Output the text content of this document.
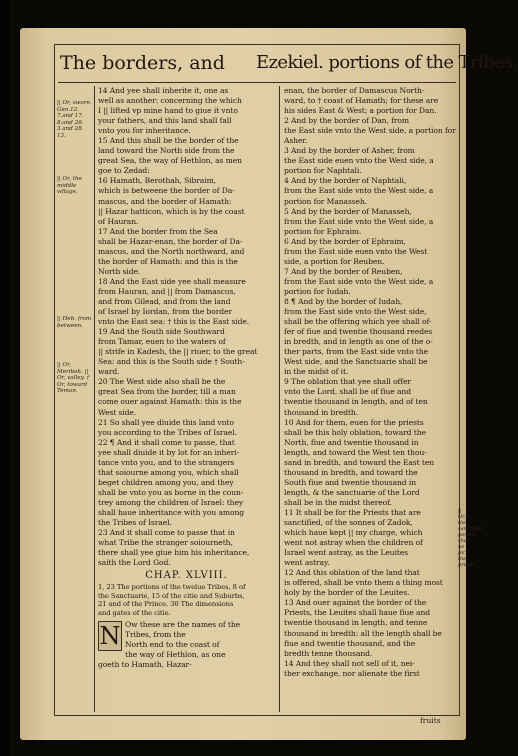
The borders, and Ezekiel. portions of the Tribes.
|| Or, swore. Gen.12. 7.and 17. 8.and 26. 3.and 28. 13.
|| Or, the middle village.
|| Heb. from between.
|| Or, Meribah. || Or, valley. † Or, toward Teman.
14 And yee shall inherite it, one as
well as another: concerning the which
I || lifted vp mine hand to giue it vnto
your fathers, and this land shall fall
vnto you for inheritance.
15 And this shall be the border of the
land toward the North side from the
great Sea, the way of Hethlon, as men
goe to Zedad:
16 Hamath, Berothah, Sibraim,
which is betweene the border of Da-
mascus, and the border of Hamath:
|| Hazar hatticon, which is by the coast
of Hauran.
17 And the border from the Sea
shall be Hazar-enan, the border of Da-
mascus, and the North northward, and
the border of Hamath: and this is the
North side.
18 And the East side yee shall measure
from Hauran, and || from Damascus,
and from Gilead, and from the land
of Israel by Iordan, from the border
vnto the East sea: † this is the East side.
19 And the South side Southward
from Tamar, euen to the waters of
|| strife in Kadesh, the || riuer, to the great
Sea: and this is the South side † South-
ward.
20 The West side also shall be the
great Sea from the border, till a man
come ouer against Hamath: this is the
West side.
21 So shall yee diuide this land vnto
you according to the Tribes of Israel.
22 ¶ And it shall come to passe, that
yee shall diuide it by lot for an inheri-
tance vnto you, and to the strangers
that soiourne among you, which shall
beget children among you, and they
shall be vnto you as borne in the coun-
trey among the children of Israel: they
shall haue inheritance with you among
the Tribes of Israel.
23 And it shall come to passe that in
what Tribe the stranger soiourneth,
there shall yee giue him his inheritance,
saith the Lord God.
CHAP. XLVIII.
1, 23 The portions of the twelue Tribes, 8 of
the Sanctuarie, 15 of the citie and Suburbs,
21 and of the Prince. 30 The dimensions
and gates of the citie.
N Ow these are the names of the
Tribes, from the
North end to the coast of
the way of Hethlon, as one
goeth to Hamath, Hazar-
enan, the border of Damascus North-
ward, to † coast of Hamath; for these are
his sides East & West; a portion for Dan.
2 And by the border of Dan, from
the East side vnto the West side, a portion for
Asher.
3 And by the border of Asher, from
the East side euen vnto the West side, a
portion for Naphtali.
4 And by the border of Naphtali,
from the East side vnto the West side, a
portion for Manasseh.
5 And by the border of Manasseh,
from the East side vnto the West side, a
portion for Ephraim.
6 And by the border of Ephraim,
from the East side euen vnto the West
side, a portion for Reuben.
7 And by the border of Reuben,
from the East side vnto the West side, a
portion for Iudah.
8 ¶ And by the border of Iudah,
from the East side vnto the West side,
shall be the offering which yee shall of-
fer of fiue and twentie thousand reedes
in bredth, and in length as one of the o-
ther parts, from the East side vnto the
West side, and the Sanctuarie shall be
in the midst of it.
9 The oblation that yee shall offer
vnto the Lord, shall be of fiue and
twentie thousand in length, and of ten
thousand in bredth.
10 And for them, euen for the priests
shall be this holy oblation, toward the
North, fiue and twentie thousand in
length, and toward the West ten thou-
sand in bredth, and toward the East ten
thousand in bredth, and toward the
South fiue and twentie thousand in
length, & the sanctuarie of the Lord
shall be in the midst thereof.
11 It shall be for the Priests that are
sanctified, of the sonnes of Zadok,
which haue kept || my charge, which
went not astray when the children of
Israel went astray, as the Leuites
went astray.
12 And this oblation of the land that
is offered, shall be vnto them a thing most
holy by the border of the Leuites.
13 And ouer against the border of the
Priests, the Leuites shall haue fiue and
twentie thousand in length, and tenne
thousand in bredth: all the length shall be
fiue and twentie thousand, and the
bredth tenne thousand.
14 And they shall not sell of it, nei-
ther exchange, nor alienate the first
|| Or, the sanctified portion shall be for the priests.
fruits
